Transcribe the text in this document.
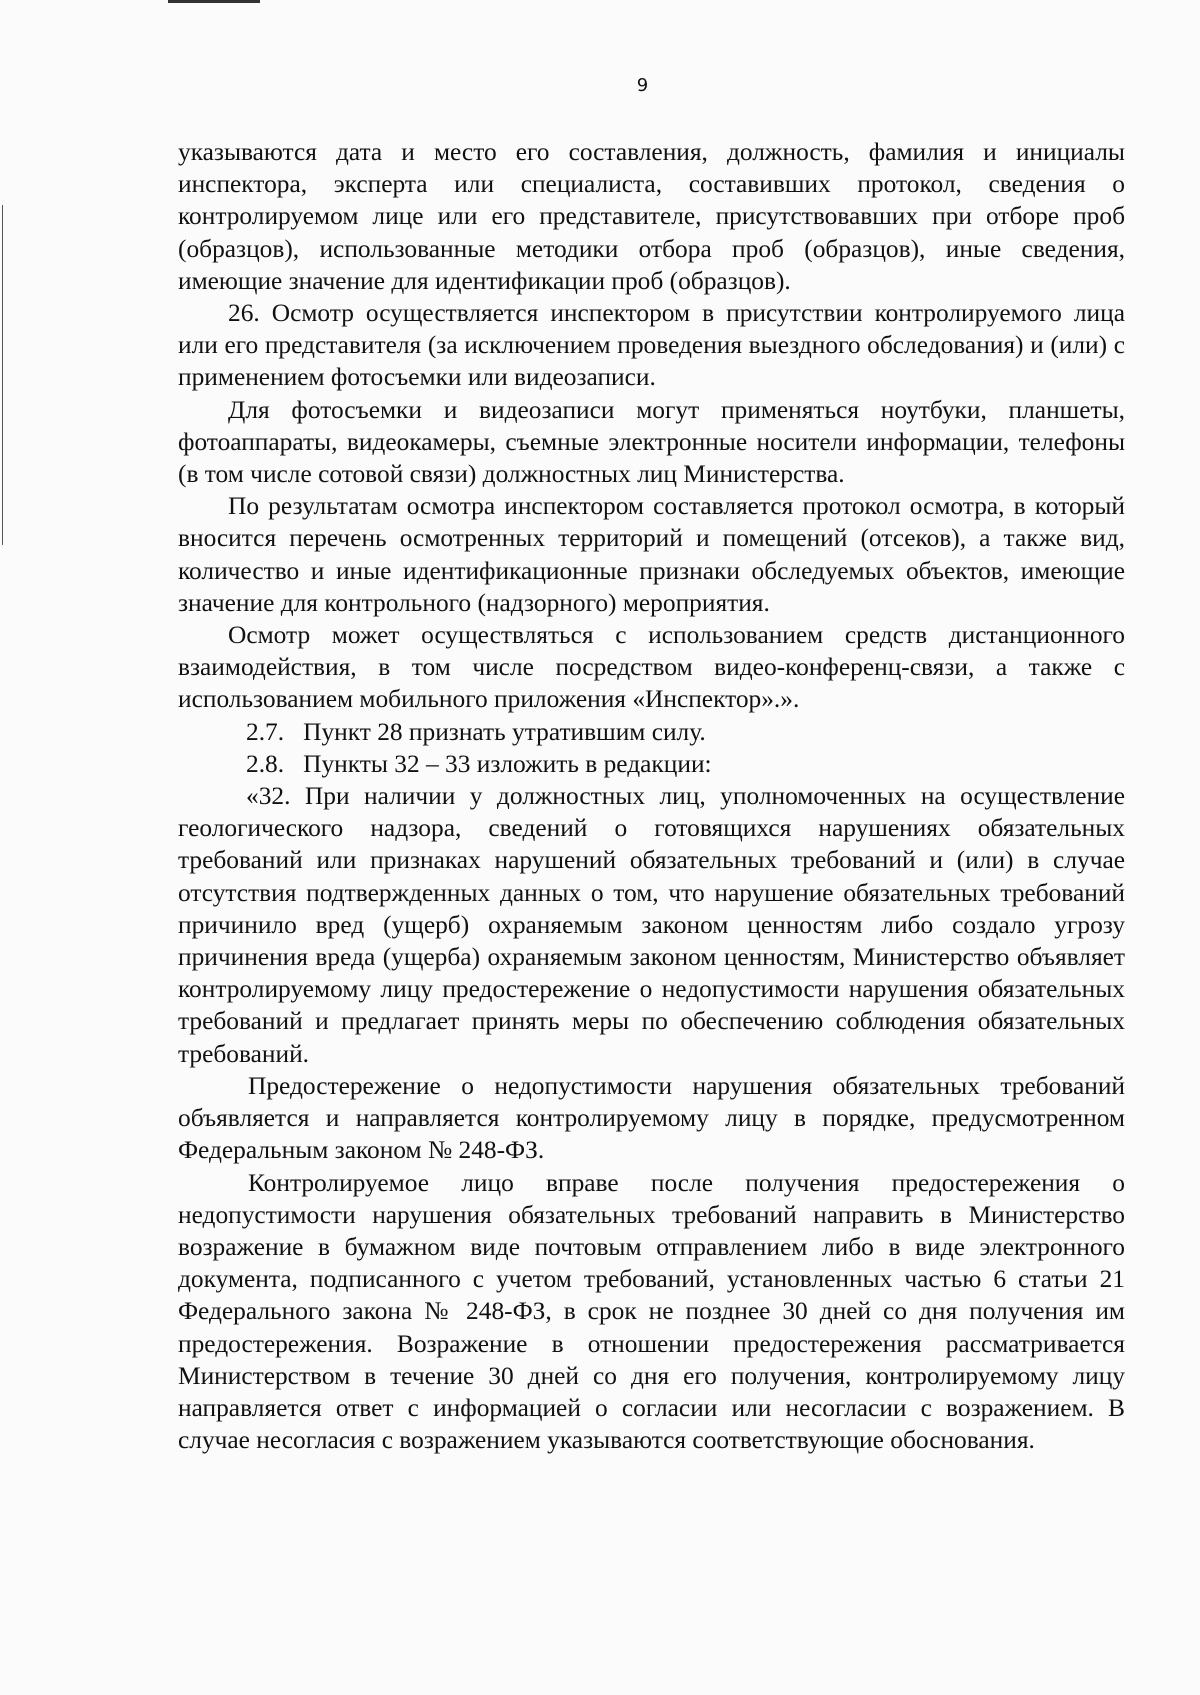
9

указываются дата и место его составления, должность, фамилия и инициалы инспектора, эксперта или специалиста, составивших протокол, сведения о контролируемом лице или его представителе, присутствовавших при отборе проб (образцов), использованные методики отбора проб (образцов), иные сведения, имеющие значение для идентификации проб (образцов).

26. Осмотр осуществляется инспектором в присутствии контролируемого лица или его представителя (за исключением проведения выездного обследования) и (или) с применением фотосъемки или видеозаписи.

Для фотосъемки и видеозаписи могут применяться ноутбуки, планшеты, фотоаппараты, видеокамеры, съемные электронные носители информации, телефоны (в том числе сотовой связи) должностных лиц Министерства.

По результатам осмотра инспектором составляется протокол осмотра, в который вносится перечень осмотренных территорий и помещений (отсеков), а также вид, количество и иные идентификационные признаки обследуемых объектов, имеющие значение для контрольного (надзорного) мероприятия.

Осмотр может осуществляться с использованием средств дистанционного взаимодействия, в том числе посредством видео-конференц-связи, а также с использованием мобильного приложения «Инспектор».».

2.7.   Пункт 28 признать утратившим силу.

2.8.   Пункты 32 – 33 изложить в редакции:

«32. При наличии у должностных лиц, уполномоченных на осуществление геологического надзора, сведений о готовящихся нарушениях обязательных требований или признаках нарушений обязательных требований и (или) в случае отсутствия подтвержденных данных о том, что нарушение обязательных требований причинило вред (ущерб) охраняемым законом ценностям либо создало угрозу причинения вреда (ущерба) охраняемым законом ценностям, Министерство объявляет контролируемому лицу предостережение о недопустимости нарушения обязательных требований и предлагает принять меры по обеспечению соблюдения обязательных требований.

Предостережение о недопустимости нарушения обязательных требований объявляется и направляется контролируемому лицу в порядке, предусмотренном Федеральным законом № 248-ФЗ.

Контролируемое лицо вправе после получения предостережения о недопустимости нарушения обязательных требований направить в Министерство возражение в бумажном виде почтовым отправлением либо в виде электронного документа, подписанного с учетом требований, установленных частью 6 статьи 21 Федерального закона № 248-ФЗ, в срок не позднее 30 дней со дня получения им предостережения. Возражение в отношении предостережения рассматривается Министерством в течение 30 дней со дня его получения, контролируемому лицу направляется ответ с информацией о согласии или несогласии с возражением. В случае несогласия с возражением указываются соответствующие обоснования.
